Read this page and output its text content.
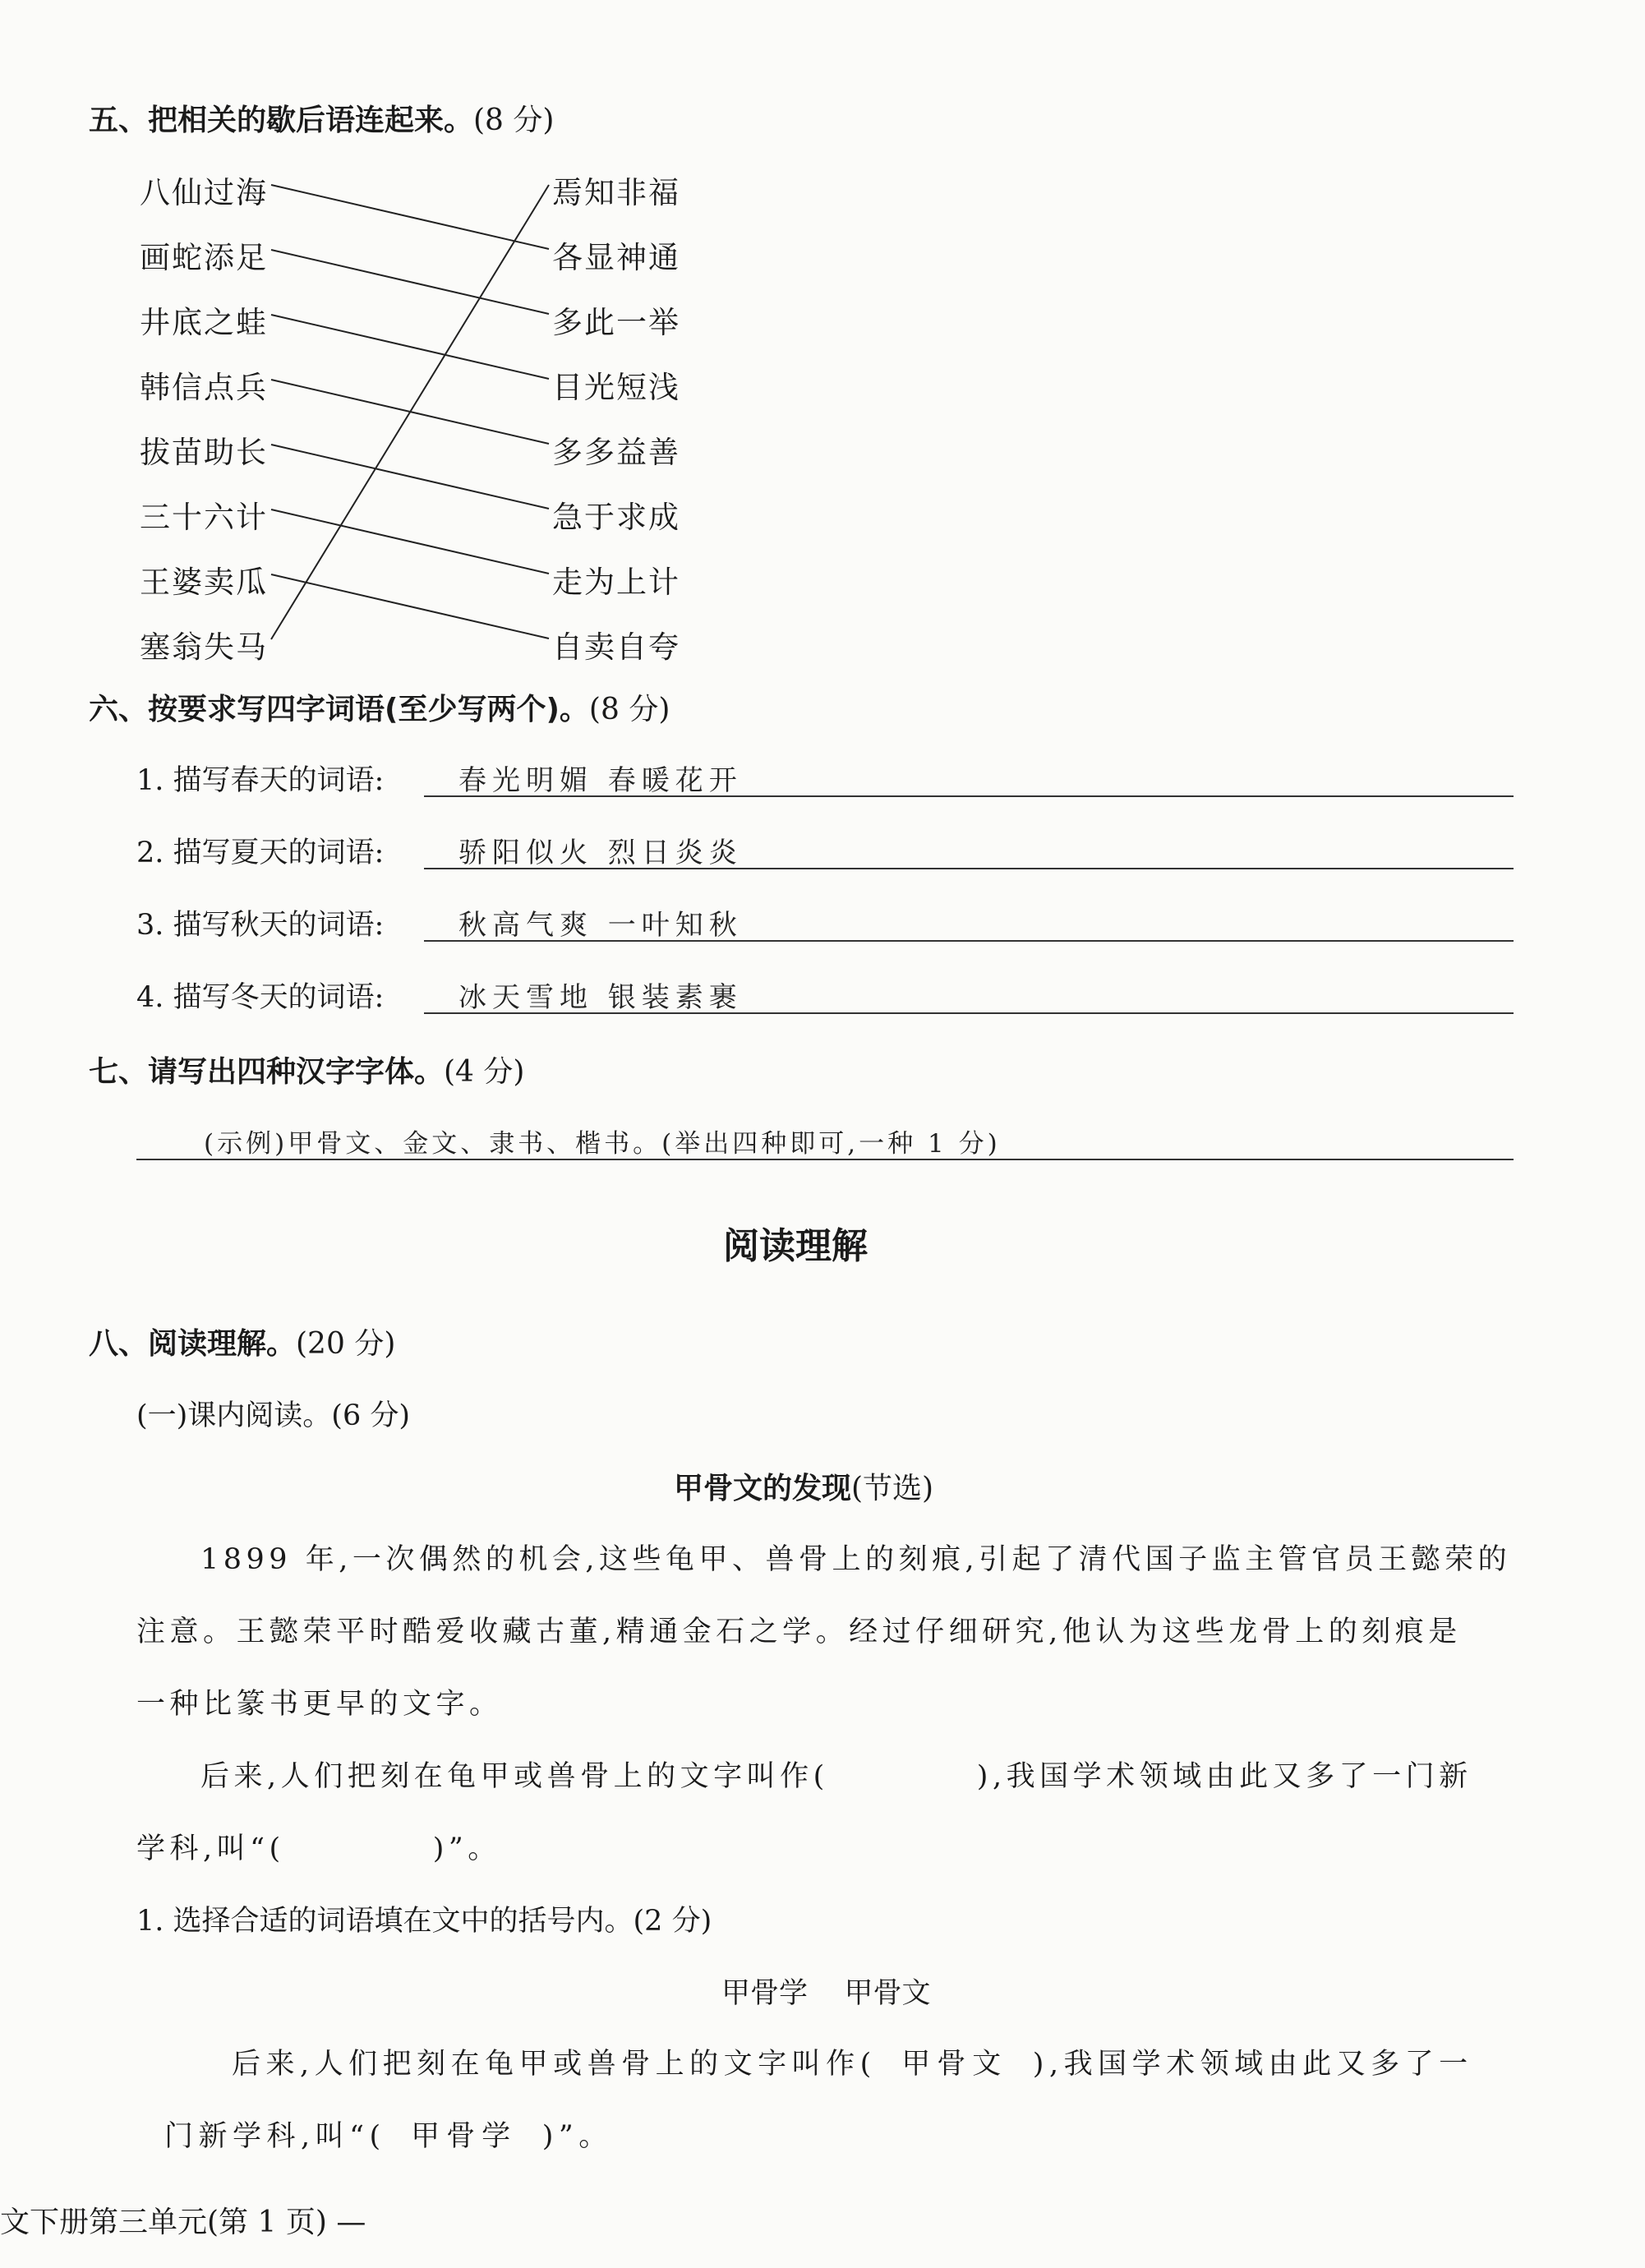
五、把相关的歇后语连起来。(8 分)
八仙过海
画蛇添足
井底之蛙
韩信点兵
拔苗助长
三十六计
王婆卖瓜
塞翁失马
焉知非福
各显神通
多此一举
目光短浅
多多益善
急于求成
走为上计
自卖自夸
六、按要求写四字词语(至少写两个)。(8 分)
1. 描写春天的词语:	春光明媚 春暖花开
2. 描写夏天的词语:	骄阳似火 烈日炎炎
3. 描写秋天的词语:	秋高气爽 一叶知秋
4. 描写冬天的词语:	冰天雪地 银装素裹
七、请写出四种汉字字体。(4 分)
(示例)甲骨文、金文、隶书、楷书。(举出四种即可,一种 1 分)
阅读理解
八、阅读理解。(20 分)
(一)课内阅读。(6 分)
甲骨文的发现(节选)
1899 年,一次偶然的机会,这些龟甲、兽骨上的刻痕,引起了清代国子监主管官员王懿荣的
注意。王懿荣平时酷爱收藏古董,精通金石之学。经过仔细研究,他认为这些龙骨上的刻痕是
一种比篆书更早的文字。
后来,人们把刻在龟甲或兽骨上的文字叫作(	),我国学术领域由此又多了一门新
学科,叫“(	)”。
1. 选择合适的词语填在文中的括号内。(2 分)
甲骨学    甲骨文
后来,人们把刻在龟甲或兽骨上的文字叫作( 甲骨文 ),我国学术领域由此又多了一
门新学科,叫“( 甲骨学 )”。
文下册第三单元(第 1 页) —
